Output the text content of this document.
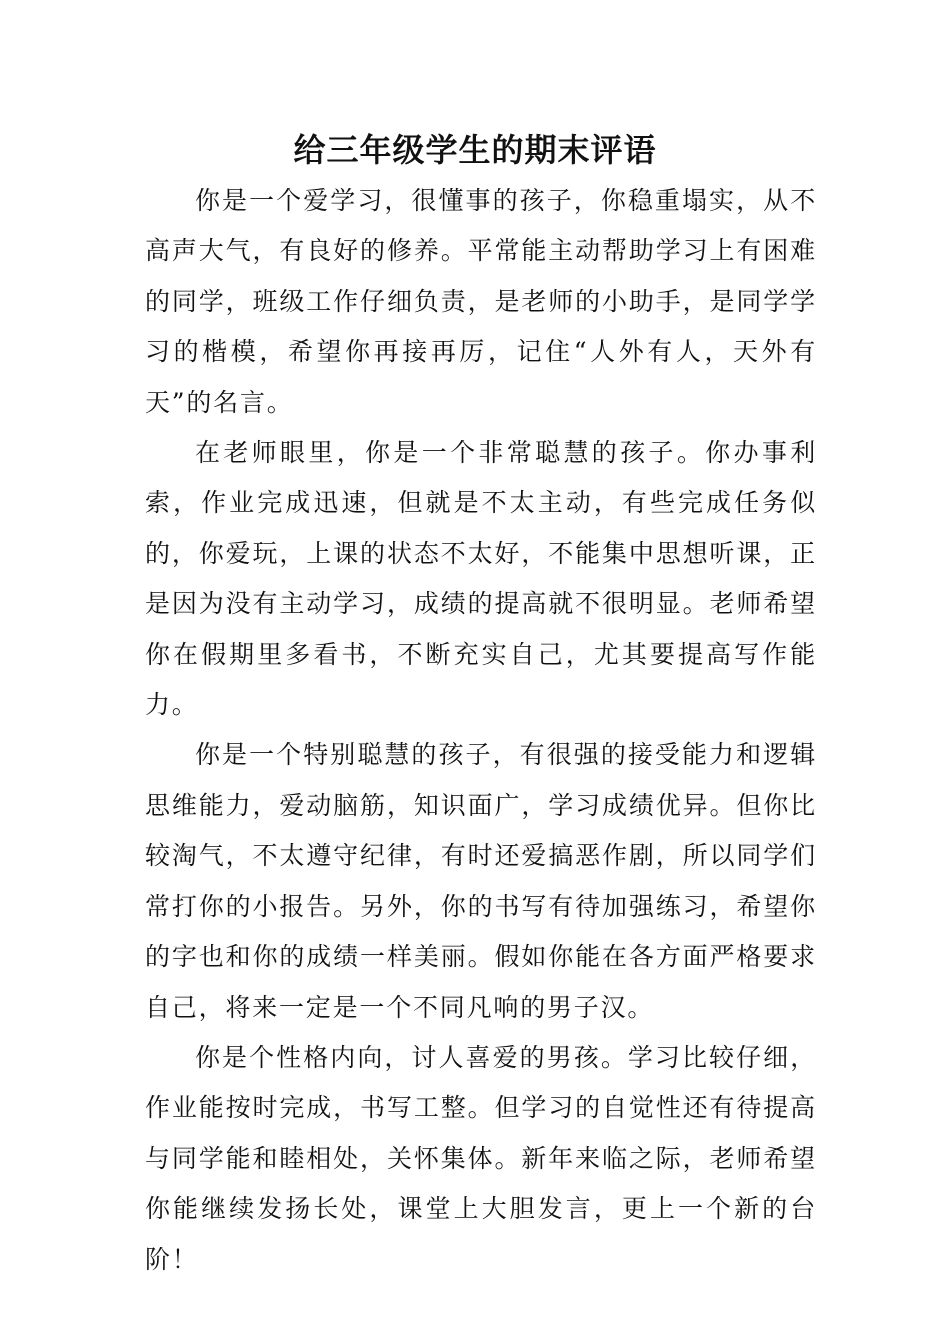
给三年级学生的期末评语

你是一个爱学习，很懂事的孩子，你稳重塌实，从不高声大气，有良好的修养。平常能主动帮助学习上有困难的同学，班级工作仔细负责，是老师的小助手，是同学学习的楷模，希望你再接再厉，记住“人外有人，天外有天”的名言。

在老师眼里，你是一个非常聪慧的孩子。你办事利索，作业完成迅速，但就是不太主动，有些完成任务似的，你爱玩，上课的状态不太好，不能集中思想听课，正是因为没有主动学习，成绩的提高就不很明显。老师希望你在假期里多看书，不断充实自己，尤其要提高写作能力。

你是一个特别聪慧的孩子，有很强的接受能力和逻辑思维能力，爱动脑筋，知识面广，学习成绩优异。但你比较淘气，不太遵守纪律，有时还爱搞恶作剧，所以同学们常打你的小报告。另外，你的书写有待加强练习，希望你的字也和你的成绩一样美丽。假如你能在各方面严格要求自己，将来一定是一个不同凡响的男子汉。

你是个性格内向，讨人喜爱的男孩。学习比较仔细，作业能按时完成，书写工整。但学习的自觉性还有待提高与同学能和睦相处，关怀集体。新年来临之际，老师希望你能继续发扬长处，课堂上大胆发言，更上一个新的台阶！
